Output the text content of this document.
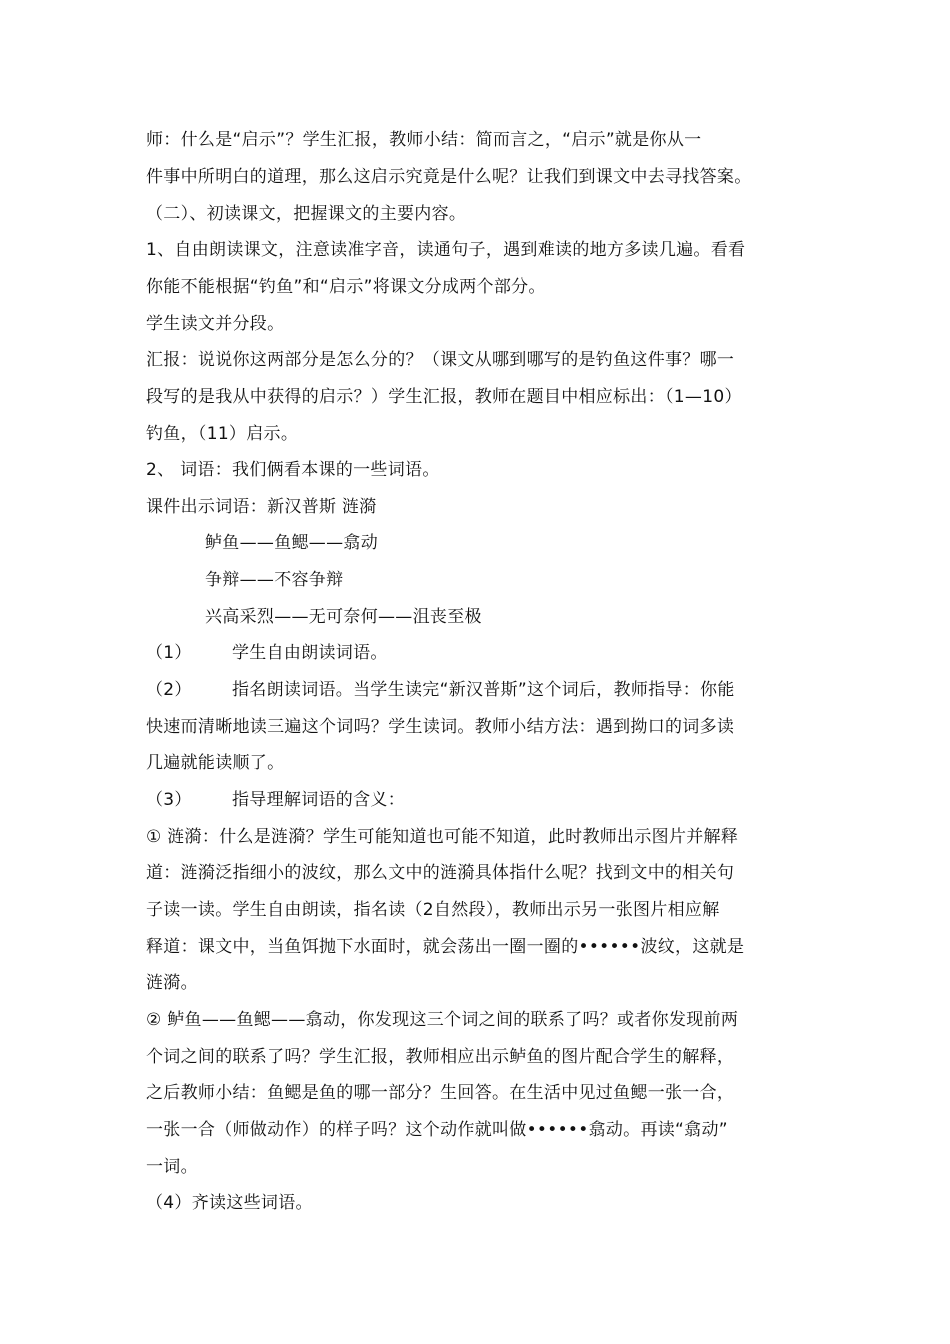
师：什么是“启示”？学生汇报，教师小结：简而言之，“启示”就是你从一
件事中所明白的道理，那么这启示究竟是什么呢？让我们到课文中去寻找答案。
（二）、初读课文，把握课文的主要内容。
1、自由朗读课文，注意读准字音，读通句子，遇到难读的地方多读几遍。看看
你能不能根据“钓鱼”和“启示”将课文分成两个部分。
学生读文并分段。
汇报：说说你这两部分是怎么分的？（课文从哪到哪写的是钓鱼这件事？哪一
段写的是我从中获得的启示？）学生汇报，教师在题目中相应标出：（1—10）
钓鱼，（11）启示。
2、 词语：我们俩看本课的一些词语。
课件出示词语：新汉普斯 涟漪
鲈鱼——鱼鳃——翕动
争辩——不容争辩
兴高采烈——无可奈何——沮丧至极
（1） 学生自由朗读词语。
（2） 指名朗读词语。当学生读完“新汉普斯”这个词后，教师指导：你能
快速而清晰地读三遍这个词吗？学生读词。教师小结方法：遇到拗口的词多读
几遍就能读顺了。
（3） 指导理解词语的含义：
① 涟漪：什么是涟漪？学生可能知道也可能不知道，此时教师出示图片并解释
道：涟漪泛指细小的波纹，那么文中的涟漪具体指什么呢？找到文中的相关句
子读一读。学生自由朗读，指名读（2自然段），教师出示另一张图片相应解
释道：课文中，当鱼饵抛下水面时，就会荡出一圈一圈的••••••波纹，这就是
涟漪。
② 鲈鱼——鱼鳃——翕动，你发现这三个词之间的联系了吗？或者你发现前两
个词之间的联系了吗？学生汇报，教师相应出示鲈鱼的图片配合学生的解释，
之后教师小结：鱼鳃是鱼的哪一部分？生回答。在生活中见过鱼鳃一张一合，
一张一合（师做动作）的样子吗？这个动作就叫做••••••翕动。再读“翕动”
一词。
（4）齐读这些词语。
